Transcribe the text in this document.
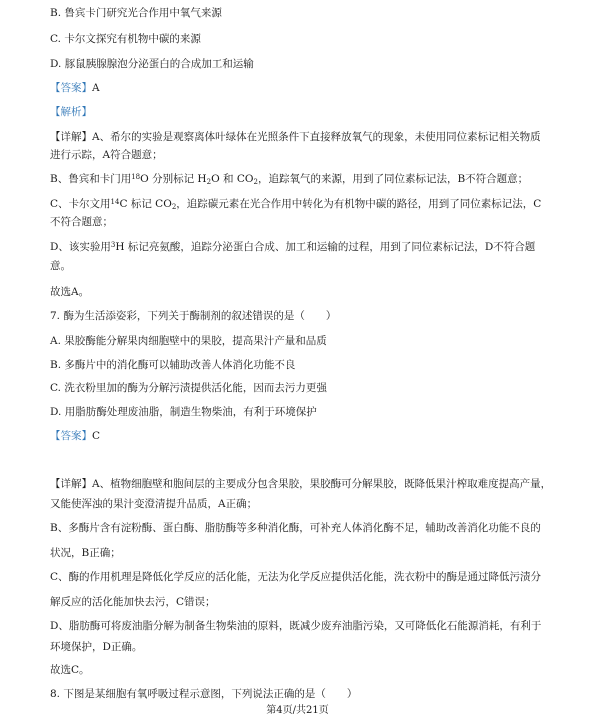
B. 鲁宾卡门研究光合作用中氧气来源
C. 卡尔文探究有机物中碳的来源
D. 豚鼠胰腺腺泡分泌蛋白的合成加工和运输
【答案】A
【解析】
【详解】A、希尔的实验是观察离体叶绿体在光照条件下直接释放氧气的现象，未使用同位素标记相关物质
进行示踪，A符合题意；
B、鲁宾和卡门用$^{18}$O 分别标记 $H_2O$ 和 $CO_2$，追踪氧气的来源，用到了同位素标记法，B不符合题意；
C、卡尔文用$^{14}$C 标记 $CO_2$，追踪碳元素在光合作用中转化为有机物中碳的路径，用到了同位素标记法，C
不符合题意；
D、该实验用$^3$H 标记亮氨酸，追踪分泌蛋白合成、加工和运输的过程，用到了同位素标记法，D不符合题
意。
故选A。
7. 酶为生活添姿彩，下列关于酶制剂的叙述错误的是（　　）
A. 果胶酶能分解果肉细胞壁中的果胶，提高果汁产量和品质
B. 多酶片中的消化酶可以辅助改善人体消化功能不良
C. 洗衣粉里加的酶为分解污渍提供活化能，因而去污力更强
D. 用脂肪酶处理废油脂，制造生物柴油，有利于环境保护
【答案】C
【详解】A、植物细胞壁和胞间层的主要成分包含果胶，果胶酶可分解果胶，既降低果汁榨取难度提高产量，
又能使浑浊的果汁变澄清提升品质，A正确；
B、多酶片含有淀粉酶、蛋白酶、脂肪酶等多种消化酶，可补充人体消化酶不足，辅助改善消化功能不良的
状况，B正确；
C、酶的作用机理是降低化学反应的活化能，无法为化学反应提供活化能，洗衣粉中的酶是通过降低污渍分
解反应的活化能加快去污，C错误；
D、脂肪酶可将废油脂分解为制备生物柴油的原料，既减少废弃油脂污染，又可降低化石能源消耗，有利于
环境保护，D正确。
故选C。
8. 下图是某细胞有氧呼吸过程示意图，下列说法正确的是（　　）
第4页/共21页
